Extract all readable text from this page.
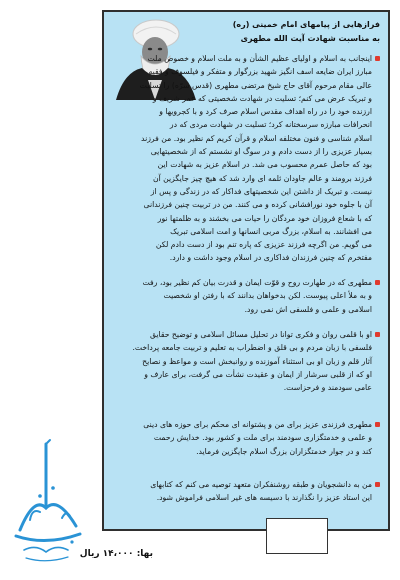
فرازهایی از پیامهای امام خمینی (ره)
به مناسبت شهادت آیت الله مطهری
اینجانب به اسلام و اولیای عظیم الشأن و به ملت اسلام و خصوص ملت
مبارز ایران ضایعه اسف انگیز شهید بزرگوار و متفکر و فیلسوف و فقیه
عالی مقام مرحوم آقای حاج شیخ مرتضی مطهری (قدس سرّه) را تسلیت
و تبریک عرض می کنم؛ تسلیت در شهادت شخصیتی که عمر شریف و
ارزنده خود را در راه اهداف مقدس اسلام صرف کرد و با کجرویها و
انحرافات مبارزه سرسختانه کرد؛ تسلیت در شهادت مردی که در
اسلام شناسی و فنون مختلفه اسلام و قرآن کریم کم نظیر بود. من فرزند
بسیار عزیزی را از دست دادم و در سوگ او نشستم که از شخصیتهایی
بود که حاصل عمرم محسوب می شد. در اسلام عزیز به شهادت این
فرزند برومند و عالم جاودان ثلمه ای وارد شد که هیچ چیز جایگزین آن
نیست. و تبریک از داشتن این شخصیتهای فداکار که در زندگی و پس از
آن با جلوه خود نورافشانی کرده و می کنند. من در تربیت چنین فرزندانی
که با شعاع فروزان خود مردگان را حیات می بخشند و به ظلمتها نور
می افشانند. به اسلام، بزرگ مربی انسانها و امت اسلامی تبریک
می گویم. من اگرچه فرزند عزیزی که پاره تنم بود از دست دادم لکن
مفتخرم که چنین فرزندان فداکاری در اسلام وجود داشت و دارد.
مطهری که در طهارت روح و قوّت ایمان و قدرت بیان کم نظیر بود، رفت
و به ملأ اعلی پیوست. لکن بدخواهان بدانند که با رفتن او شخصیت
اسلامی و علمی و فلسفی اش نمی رود.
او با قلمی روان و فکری توانا در تحلیل مسائل اسلامی و توضیح حقایق
فلسفی با زبان مردم و بی قلق و اضطراب به تعلیم و تربیت جامعه پرداخت.
آثار قلم و زبان او بی استثناء آموزنده و روانبخش است و مواعظ و نصایح
او که از قلبی سرشار از ایمان و عقیدت نشأت می گرفت، برای عارف و
عامی سودمند و فرحزاست.
مطهری فرزندی عزیز برای من و پشتوانه ای محکم برای حوزه های دینی
و علمی و خدمتگزاری سودمند برای ملت و کشور بود. خدایش رحمت
کند و در جوار خدمتگزاران بزرگ اسلام جایگزین فرماید.
من به دانشجویان و طبقه روشنفکران متعهد توصیه می کنم که کتابهای
این استاد عزیز را نگذارند با دسیسه های غیر اسلامی فراموش شود.
بها: ۱۴،۰۰۰ ریال
